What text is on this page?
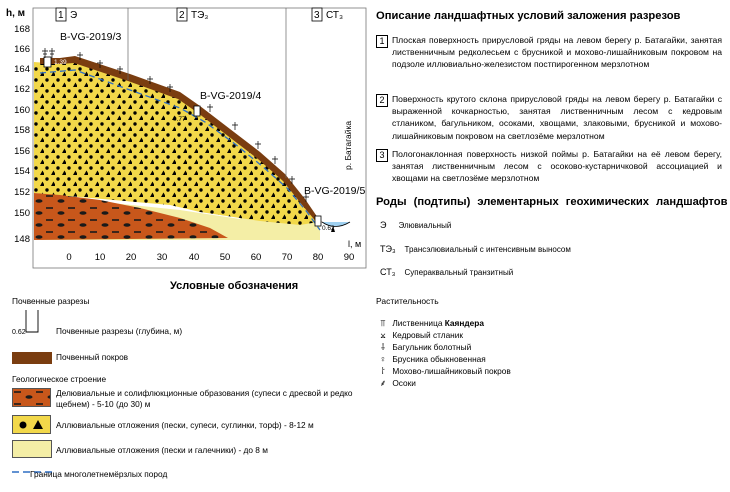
168
166
164
162
160
158
156
154
152
150
148
h, м
0 10 20 30 40 50 60 70 80 90
l, м
1 Э	2 ТЭ₃	3 СТ₃
B-VG-2019/3
B-VG-2019/4
B-VG-2019/5
1.39
0.77
0.62
р. Батагайка
Описание ландшафтных условий заложения разрезов
1 Плоская поверхность прирусловой гряды на левом берегу р. Батагайки, занятая лиственничным редколесьем с брусникой и мохово-лишайниковым покровом на подзоле иллювиально-железистом постпирогенном мерзлотном
2 Поверхность крутого склона прирусловой гряды на левом берегу р. Батагайки с выраженной кочкарностью, занятая лиственничным лесом с кедровым стлаником, багульником, осоками, хвощами, злаковыми, брусникой и мохово-лишайниковым покровом на светлозёме мерзлотном
3 Пологонаклонная поверхность низкой поймы р. Батагайки на её левом берегу, занятая лиственничным лесом с осоково-кустарничковой ассоциацией и хвощами на светлозёме мерзлотном
Роды (подтипы) элементарных геохимических ландшафтов
Э Элювиальный
ТЭ₃ Трансэлювиальный с интенсивным выносом
СТ₃ Супераквальный транзитный
Растительность
⫪ Лиственница Каяндера
⨲ Кедровый стланик
⸸ Багульник болотный
♀ Брусника обыкновенная
⸷ Мохово-лишайниковый покров
⸙ Осоки
Условные обозначения
Почвенные разрезы
0.62	Почвенные разрезы (глубина, м)
Почвенный покров
Геологическое строение
Делювиальные и солифлюкционные образования (супеси с дресвой и редко щебнем) - 5-10 (до 30) м
Аллювиальные отложения (пески, супеси, суглинки, торф) - 8-12 м
Аллювиальные отложения (пески и галечники) - до 8 м
Граница многолетнемёрзлых пород
